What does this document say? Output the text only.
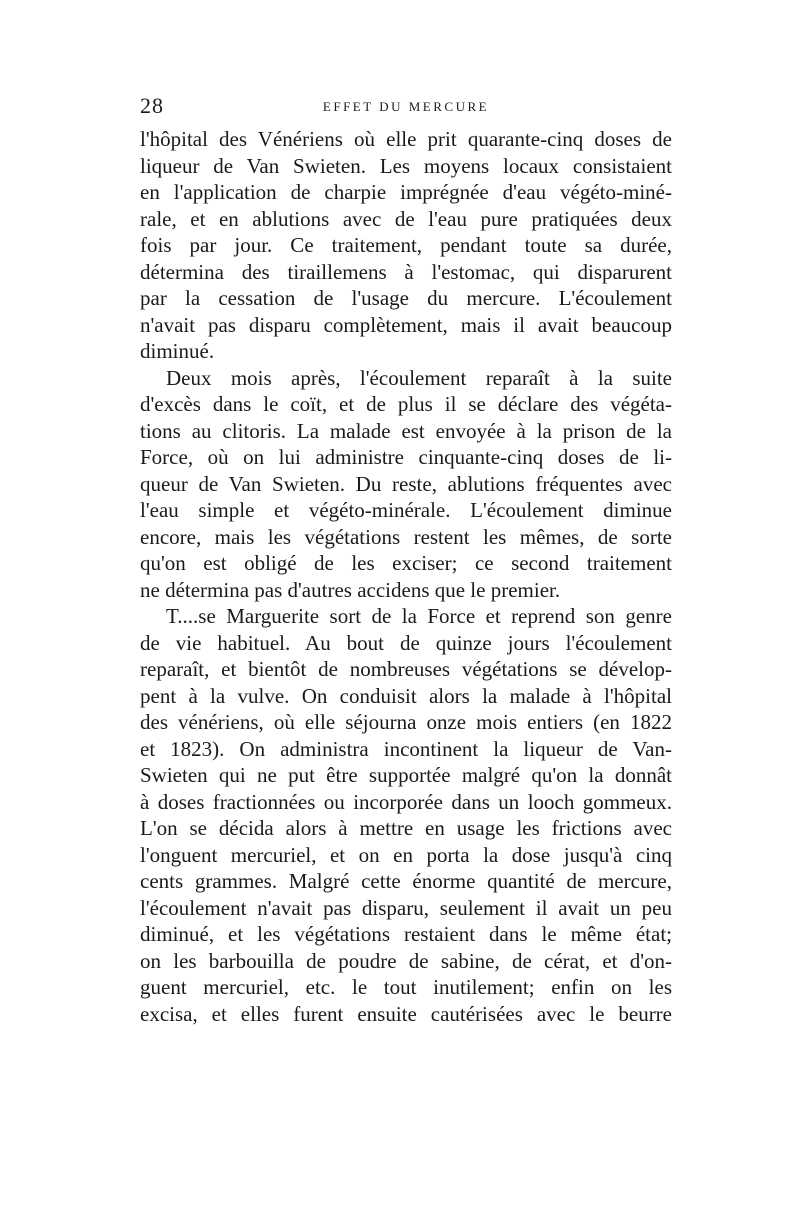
28	EFFET DU MERCURE
l'hôpital des Vénériens où elle prit quarante-cinq doses de
liqueur de Van Swieten. Les moyens locaux consistaient
en l'application de charpie imprégnée d'eau végéto-miné-
rale, et en ablutions avec de l'eau pure pratiquées deux
fois par jour. Ce traitement, pendant toute sa durée,
détermina des tiraillemens à l'estomac, qui disparurent
par la cessation de l'usage du mercure. L'écoulement
n'avait pas disparu complètement, mais il avait beaucoup
diminué.
Deux mois après, l'écoulement reparaît à la suite
d'excès dans le coït, et de plus il se déclare des végéta-
tions au clitoris. La malade est envoyée à la prison de la
Force, où on lui administre cinquante-cinq doses de li-
queur de Van Swieten. Du reste, ablutions fréquentes avec
l'eau simple et végéto-minérale. L'écoulement diminue
encore, mais les végétations restent les mêmes, de sorte
qu'on est obligé de les exciser; ce second traitement
ne détermina pas d'autres accidens que le premier.
T....se Marguerite sort de la Force et reprend son genre
de vie habituel. Au bout de quinze jours l'écoulement
reparaît, et bientôt de nombreuses végétations se dévelop-
pent à la vulve. On conduisit alors la malade à l'hôpital
des vénériens, où elle séjourna onze mois entiers (en 1822
et 1823). On administra incontinent la liqueur de Van-
Swieten qui ne put être supportée malgré qu'on la donnât
à doses fractionnées ou incorporée dans un looch gommeux.
L'on se décida alors à mettre en usage les frictions avec
l'onguent mercuriel, et on en porta la dose jusqu'à cinq
cents grammes. Malgré cette énorme quantité de mercure,
l'écoulement n'avait pas disparu, seulement il avait un peu
diminué, et les végétations restaient dans le même état;
on les barbouilla de poudre de sabine, de cérat, et d'on-
guent mercuriel, etc. le tout inutilement; enfin on les
excisa, et elles furent ensuite cautérisées avec le beurre
